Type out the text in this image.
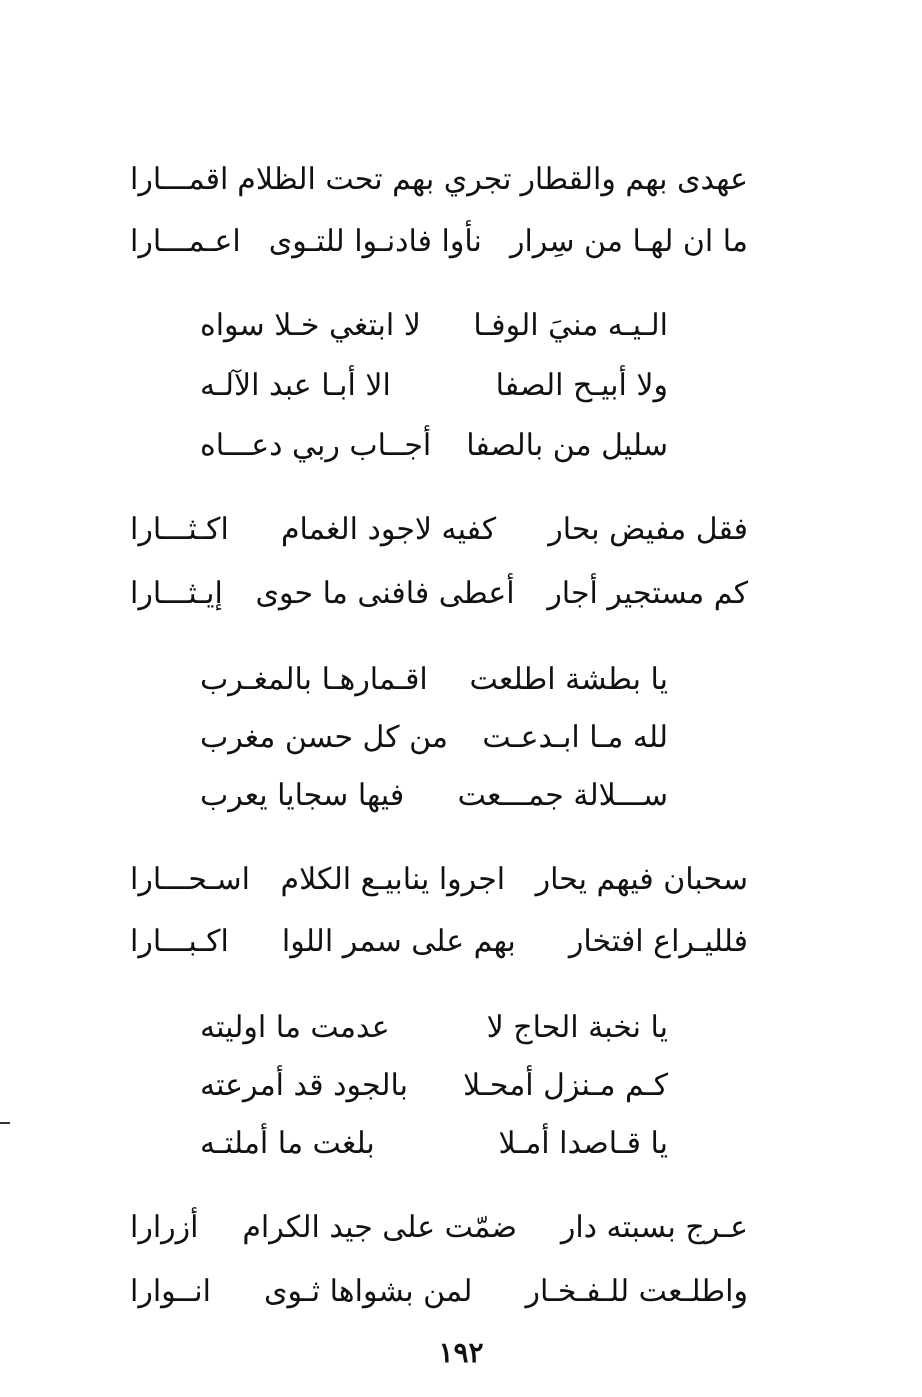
عهدى بهم والقطار
تجري بهم تحت الظلام
اقمـــارا
ما ان لهـا من سِرار
نأوا فادنـوا للتـوى
اعـمـــارا
الـيـه منيَ الوفـا
لا ابتغي خـلا سواه
ولا أبيـح الصفا
الا أبـا عبد الآلـه
سليل من بالصفا
أجــاب ربي دعـــاه
فقل مفيض بحار
كفيه لاجود الغمام
اكـثـــارا
كم مستجير أجار
أعطى فافنى ما حوى
إيـثـــارا
يا بطشة اطلعت
اقـمارهـا بالمغـرب
لله مـا ابـدعـت
من كل حسن مغرب
ســـلالة جمـــعت
فيها سجايا يعرب
سحبان فيهم يحار
اجروا ينابيـع الكلام
اسـحـــارا
فلليـراع افتخار
بهم على سمر اللوا
اكـبـــارا
يا نخبة الحاج لا
عدمت ما اوليته
كـم مـنزل أمحـلا
بالجود قد أمرعته
يا قـاصدا أمـلا
بلغت ما أملتـه
عـرج بسبته دار
ضمّت على جيد الكرام
أزرارا
واطلـعت للـفـخـار
لمن بشواها ثـوى
انــوارا
١٩٢
